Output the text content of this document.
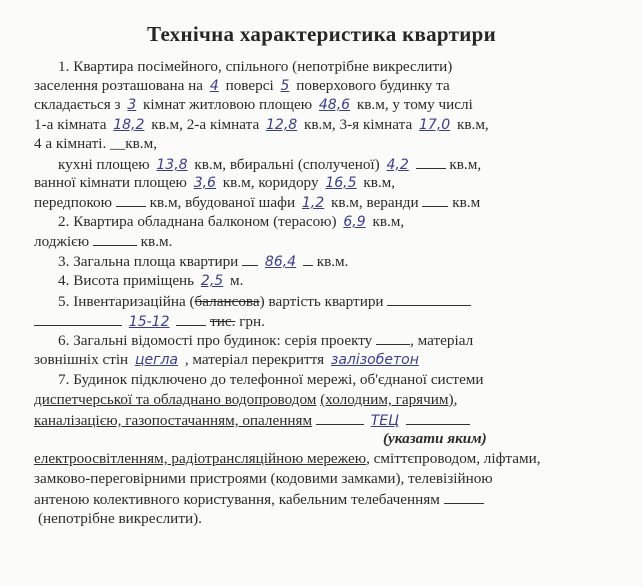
Технічна характеристика квартири
1. Квартира посімейного, спільного (непотрібне викреслити)
заселення розташована на 4 поверсі 5 поверхового будинку та
складається з 3 кімнат житловою площею 48,6 кв.м, у тому числі
1-а кімната 18,2 кв.м, 2-а кімната 12,8 кв.м, 3-я кімната 17,0 кв.м,
4 а кімнаті. __кв.м,
кухні площею 13,8 кв.м, вбиральні (сполученої) 4,2	кв.м,
ванної кімнати площею 3,6 кв.м, коридору 16,5 кв.м,
передпокою кв.м, вбудованої шафи 1,2 кв.м, веранди кв.м
2. Квартира обладнана балконом (терасою) 6,9 кв.м,
лоджією	кв.м.
3. Загальна площа квартири 86,4 кв.м.
4. Висота приміщень 2,5 м.
5. Інвентаризаційна (балансова) вартість квартири
15-12	тис. грн.
6. Загальні відомості про будинок: серія проекту , матеріал
зовнішніх стін цегла , матеріал перекриття залізобетон
7. Будинок підключено до телефонної мережі, об'єднаної системи
диспетчерської та обладнано водопроводом (холодним, гарячим),
каналізацією, газопостачанням, опаленням	ТЕЦ
(указати яким)
електроосвітленням, радіотрансляційною мережею, сміттєпроводом, ліфтами,
замково-переговірними пристроями (кодовими замками), телевізійною
антеною колективного користування, кабельним телебаченням
(непотрібне викреслити).
